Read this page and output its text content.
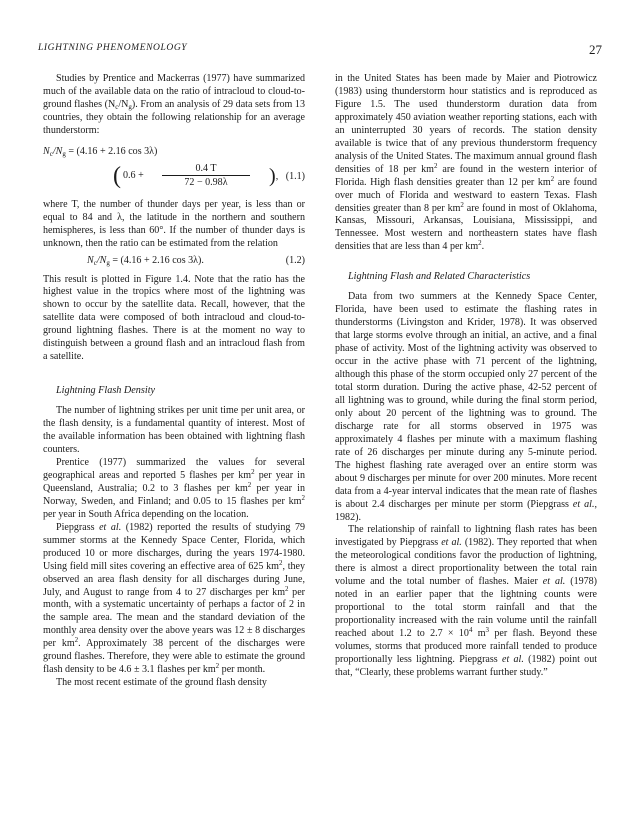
LIGHTNING PHENOMENOLOGY	27

Studies by Prentice and Mackerras (1977) have summarized much of the available data on the ratio of intracloud to cloud-to-ground flashes $(N_c/N_g)$. From an analysis of 29 data sets from 13 countries, they obtain the following relationship for an average thunderstorm:

$N_c/N_g = (4.16 + 2.16$ cos 3λ)
( $0.6 + \frac{0.4 T}{72 - 0.98\lambda}$ ), (1.1)

where T, the number of thunder days per year, is less than or equal to 84 and λ, the latitude in the northern and southern hemispheres, is less than 60°. If the number of thunder days is unknown, then the ratio can be estimated from the relation

$N_c/N_g = (4.16 + 2.16$ cos 3λ).	(1.2)

This result is plotted in Figure 1.4. Note that the ratio has the highest value in the tropics where most of the lightning was shown to occur by the satellite data. Recall, however, that the satellite data were composed of both intracloud and cloud-to-ground lightning flashes. There is at the moment no way to distinguish between a ground flash and an intracloud flash from a satellite.

Lightning Flash Density

The number of lightning strikes per unit time per unit area, or the flash density, is a fundamental quantity of interest. Most of the available information has been obtained with lightning flash counters.

Prentice (1977) summarized the values for several geographical areas and reported 5 flashes per $km^2$ per year in Queensland, Australia; 0.2 to 3 flashes per $km^2$ per year in Norway, Sweden, and Finland; and 0.05 to 15 flashes per $km^2$ per year in South Africa depending on the location.

Piepgrass et al. (1982) reported the results of studying 79 summer storms at the Kennedy Space Center, Florida, which produced 10 or more discharges, during the years 1974-1980. Using field mill sites covering an effective area of 625 $km^2$, they observed an area flash density for all discharges during June, July, and August to range from 4 to 27 discharges per $km^2$ per month, with a systematic uncertainty of perhaps a factor of 2 in the sample area. The mean and the standard deviation of the monthly area density over the above years was 12 ± 8 discharges per $km^2$. Approximately 38 percent of the discharges were ground flashes. Therefore, they were able to estimate the ground flash density to be 4.6 ± 3.1 flashes per $km^2$ per month.

The most recent estimate of the ground flash density

in the United States has been made by Maier and Piotrowicz (1983) using thunderstorm hour statistics and is reproduced as Figure 1.5. The used thunderstorm duration data from approximately 450 aviation weather reporting stations, each with an uninterrupted 30 years of records. The station density available is twice that of any previous thunderstorm frequency analysis of the United States. The maximum annual ground flash densities of 18 per $km^2$ are found in the western interior of Florida. High flash densities greater than 12 per $km^2$ are found over much of Florida and westward to eastern Texas. Flash densities greater than 8 per $km^2$ are found in most of Oklahoma, Kansas, Missouri, Arkansas, Louisiana, Mississippi, and Tennessee. Most western and northeastern states have flash densities that are less than 4 per $km^2$.

Lightning Flash and Related Characteristics

Data from two summers at the Kennedy Space Center, Florida, have been used to estimate the flashing rates in thunderstorms (Livingston and Krider, 1978). It was observed that large storms evolve through an initial, an active, and a final phase of activity. Most of the lightning activity was observed to occur in the active phase with 71 percent of the lightning, although this phase of the storm occupied only 27 percent of the total storm duration. During the active phase, 42-52 percent of all lightning was to ground, while during the final storm period, only about 20 percent of the lightning was to ground. The discharge rate for all storms observed in 1975 was approximately 4 flashes per minute with a maximum flashing rate of 26 discharges per minute during any 5-minute period. The highest flashing rate averaged over an entire storm was about 9 discharges per minute for over 200 minutes. More recent data from a 4-year interval indicates that the mean rate of flashes is about 2.4 discharges per minute per storm (Piepgrass et al., 1982).

The relationship of rainfall to lightning flash rates has been investigated by Piepgrass et al. (1982). They reported that when the meteorological conditions favor the production of lightning, there is almost a direct proportionality between the total rain volume and the total number of flashes. Maier et al. (1978) noted in an earlier paper that the lightning counts were proportional to the total storm rainfall and that the proportionality increased with the rain volume until the rainfall reached about 1.2 to $2.7 \times 10^4$ $m^3$ per flash. Beyond these volumes, storms that produced more rainfall tended to produce proportionally less lightning. Piepgrass et al. (1982) point out that, “Clearly, these problems warrant further study.”
